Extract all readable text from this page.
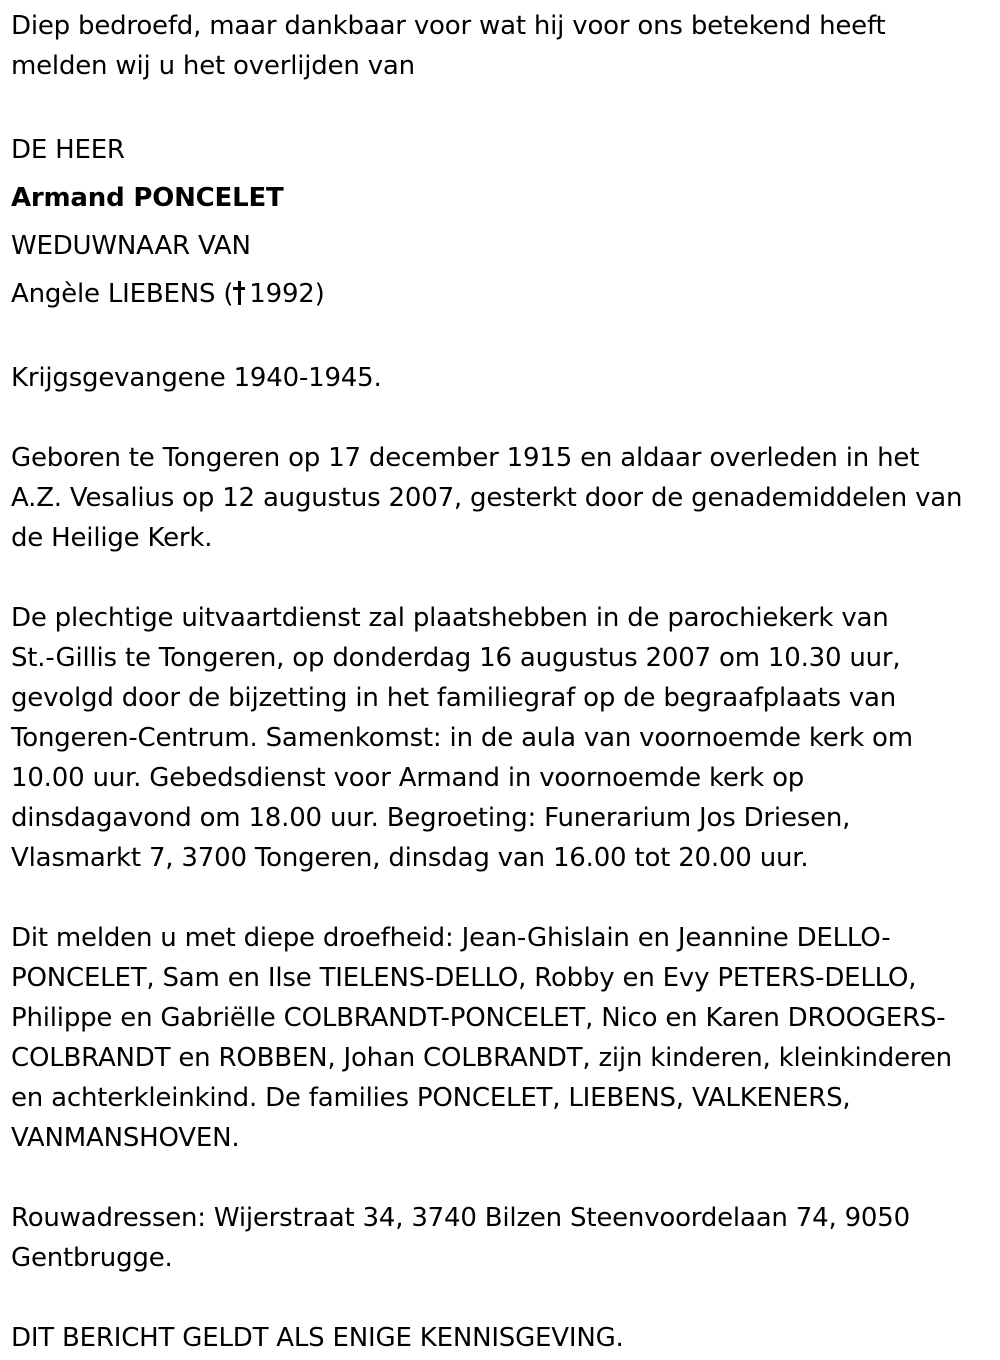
Diep bedroefd, maar dankbaar voor wat hij voor ons betekend heeft
melden wij u het overlijden van
DE HEER
Armand PONCELET
WEDUWNAAR VAN
Angèle LIEBENS ( 1992)
Krijgsgevangene 1940-1945.
Geboren te Tongeren op 17 december 1915 en aldaar overleden in het
A.Z. Vesalius op 12 augustus 2007, gesterkt door de genademiddelen van
de Heilige Kerk.
De plechtige uitvaartdienst zal plaatshebben in de parochiekerk van
St.-Gillis te Tongeren, op donderdag 16 augustus 2007 om 10.30 uur,
gevolgd door de bijzetting in het familiegraf op de begraafplaats van
Tongeren-Centrum. Samenkomst: in de aula van voornoemde kerk om
10.00 uur. Gebedsdienst voor Armand in voornoemde kerk op
dinsdagavond om 18.00 uur. Begroeting: Funerarium Jos Driesen,
Vlasmarkt 7, 3700 Tongeren, dinsdag van 16.00 tot 20.00 uur.
Dit melden u met diepe droefheid: Jean-Ghislain en Jeannine DELLO-
PONCELET, Sam en Ilse TIELENS-DELLO, Robby en Evy PETERS-DELLO,
Philippe en Gabriëlle COLBRANDT-PONCELET, Nico en Karen DROOGERS-
COLBRANDT en ROBBEN, Johan COLBRANDT, zijn kinderen, kleinkinderen
en achterkleinkind. De families PONCELET, LIEBENS, VALKENERS,
VANMANSHOVEN.
Rouwadressen: Wijerstraat 34, 3740 Bilzen Steenvoordelaan 74, 9050
Gentbrugge.
DIT BERICHT GELDT ALS ENIGE KENNISGEVING.
